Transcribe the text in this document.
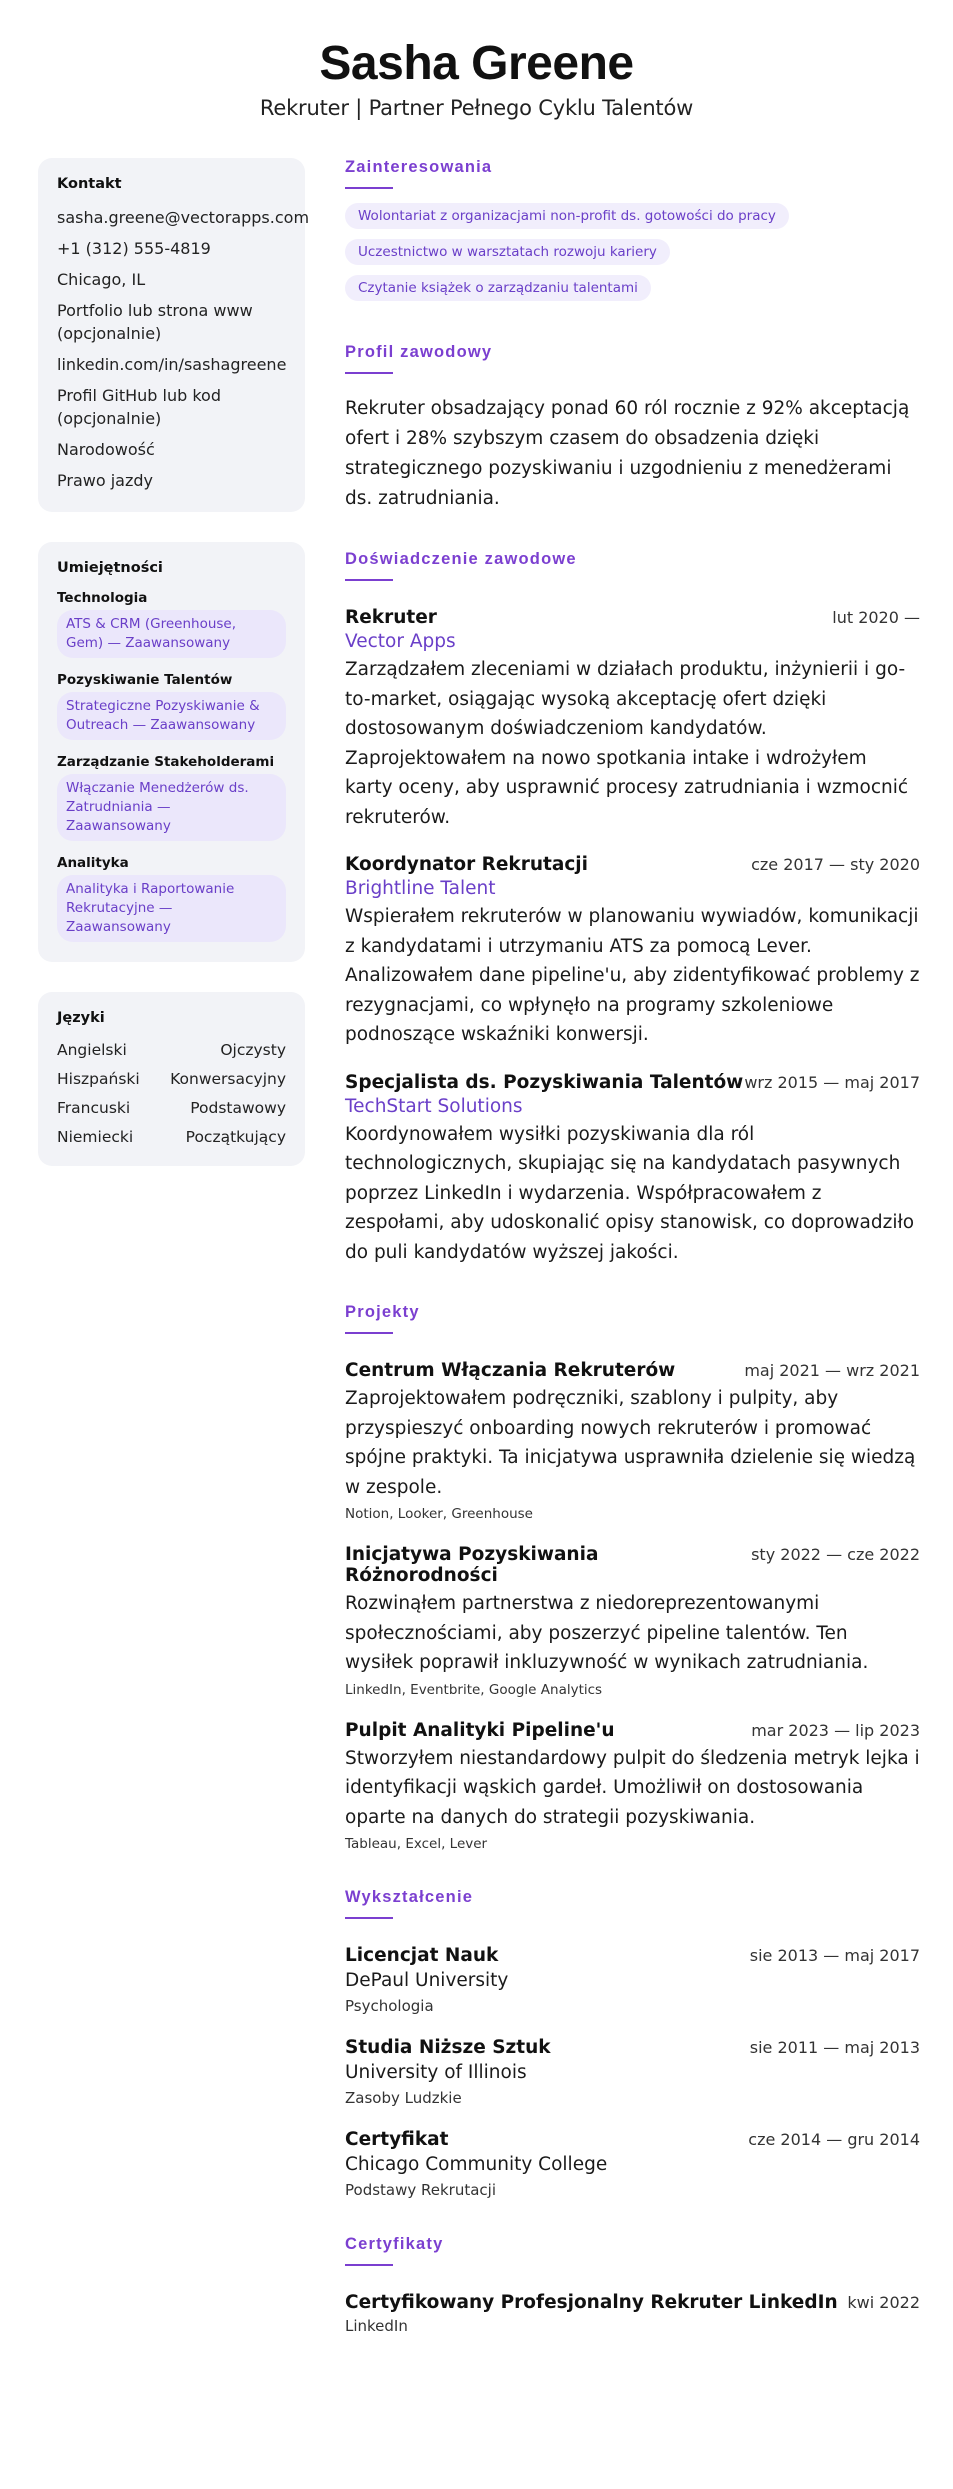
Sasha Greene
Rekruter | Partner Pełnego Cyklu Talentów
Kontakt
sasha.greene@vectorapps.com
+1 (312) 555-4819
Chicago, IL
Portfolio lub strona www (opcjonalnie)
linkedin.com/in/sashagreene
Profil GitHub lub kod (opcjonalnie)
Narodowość
Prawo jazdy
Umiejętności
Technologia
ATS & CRM (Greenhouse, Gem) — Zaawansowany
Pozyskiwanie Talentów
Strategiczne Pozyskiwanie & Outreach — Zaawansowany
Zarządzanie Stakeholderami
Włączanie Menedżerów ds. Zatrudniania — Zaawansowany
Analityka
Analityka i Raportowanie Rekrutacyjne — Zaawansowany
Języki
Angielski	Ojczysty
Hiszpański Konwersacyjny
Francuski	Podstawowy
Niemiecki	Początkujący
Zainteresowania
Wolontariat z organizacjami non-profit ds. gotowości do pracy
Uczestnictwo w warsztatach rozwoju kariery
Czytanie książek o zarządzaniu talentami
Profil zawodowy
Rekruter obsadzający ponad 60 ról rocznie z 92% akceptacją ofert i 28% szybszym czasem do obsadzenia dzięki strategicznego pozyskiwaniu i uzgodnieniu z menedżerami ds. zatrudniania.
Doświadczenie zawodowe
Rekruter	lut 2020 —
Vector Apps
Zarządzałem zleceniami w działach produktu, inżynierii i go-to-market, osiągając wysoką akceptację ofert dzięki dostosowanym doświadczeniom kandydatów. Zaprojektowałem na nowo spotkania intake i wdrożyłem karty oceny, aby usprawnić procesy zatrudniania i wzmocnić rekruterów.
Koordynator Rekrutacji	cze 2017 — sty 2020
Brightline Talent
Wspierałem rekruterów w planowaniu wywiadów, komunikacji z kandydatami i utrzymaniu ATS za pomocą Lever. Analizowałem dane pipeline'u, aby zidentyfikować problemy z rezygnacjami, co wpłynęło na programy szkoleniowe podnoszące wskaźniki konwersji.
Specjalista ds. Pozyskiwania Talentów wrz 2015 — maj 2017
TechStart Solutions
Koordynowałem wysiłki pozyskiwania dla ról technologicznych, skupiając się na kandydatach pasywnych poprzez LinkedIn i wydarzenia. Współpracowałem z zespołami, aby udoskonalić opisy stanowisk, co doprowadziło do puli kandydatów wyższej jakości.
Projekty
Centrum Włączania Rekruterów	maj 2021 — wrz 2021
Zaprojektowałem podręczniki, szablony i pulpity, aby przyspieszyć onboarding nowych rekruterów i promować spójne praktyki. Ta inicjatywa usprawniła dzielenie się wiedzą w zespole.
Notion, Looker, Greenhouse
Inicjatywa Pozyskiwania Różnorodności
sty 2022 — cze 2022
Rozwinąłem partnerstwa z niedoreprezentowanymi społecznościami, aby poszerzyć pipeline talentów. Ten wysiłek poprawił inkluzywność w wynikach zatrudniania.
LinkedIn, Eventbrite, Google Analytics
Pulpit Analityki Pipeline'u	mar 2023 — lip 2023
Stworzyłem niestandardowy pulpit do śledzenia metryk lejka i identyfikacji wąskich gardeł. Umożliwił on dostosowania oparte na danych do strategii pozyskiwania.
Tableau, Excel, Lever
Wykształcenie
Licencjat Nauk	sie 2013 — maj 2017
DePaul University
Psychologia
Studia Niższe Sztuk	sie 2011 — maj 2013
University of Illinois
Zasoby Ludzkie
Certyfikat	cze 2014 — gru 2014
Chicago Community College
Podstawy Rekrutacji
Certyfikaty
Certyfikowany Profesjonalny Rekruter LinkedIn kwi 2022
LinkedIn
